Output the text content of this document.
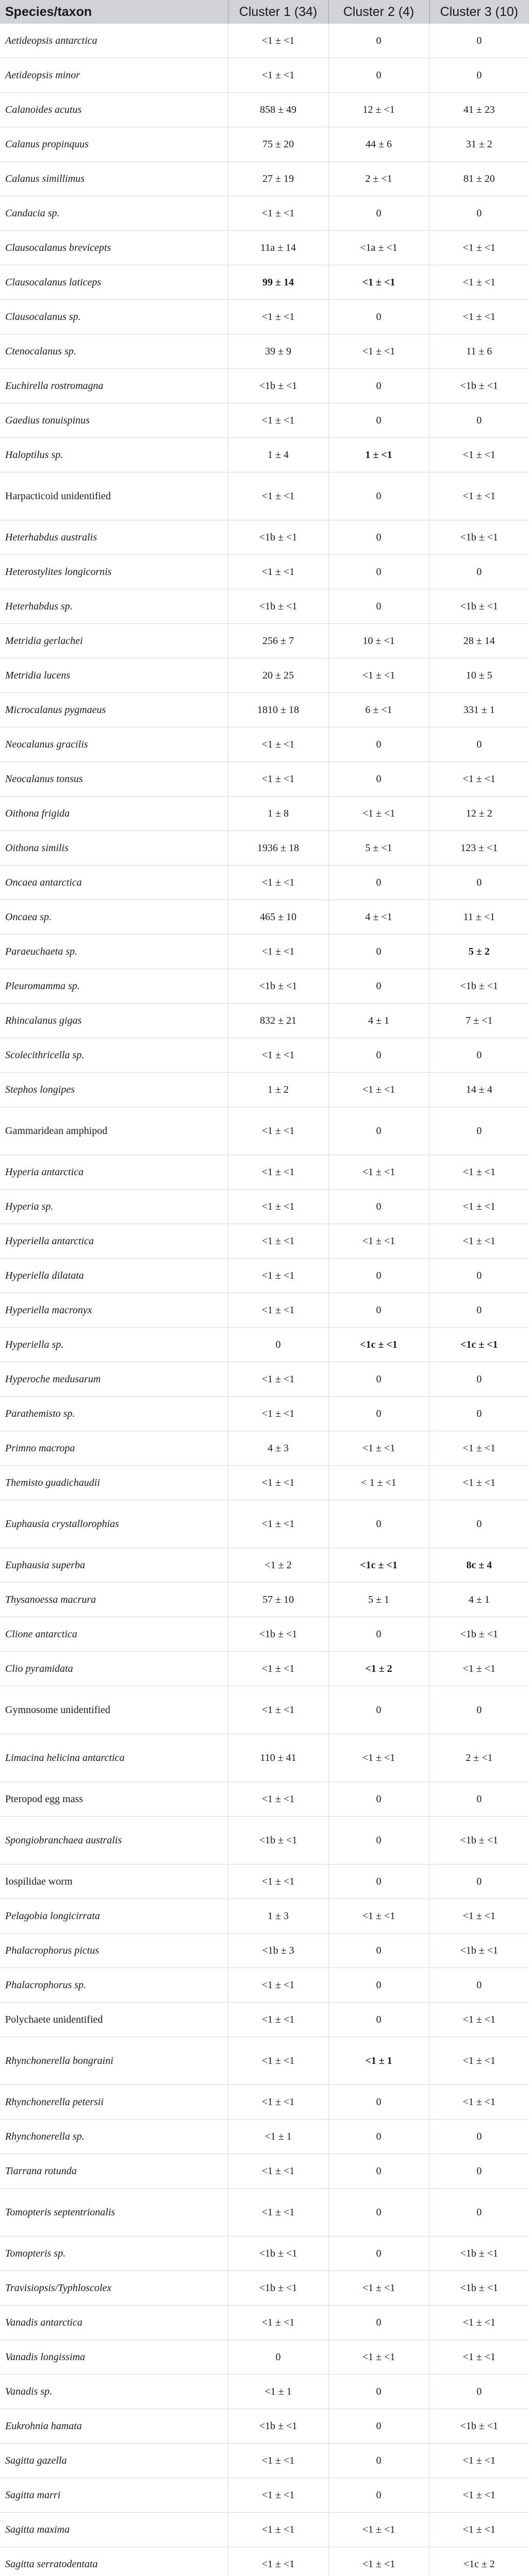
Species/taxon	Cluster 1 (34)	Cluster 2 (4)	Cluster 3 (10)
Aetideopsis antarctica	<1 ± <1	0	0
Aetideopsis minor	<1 ± <1	0	0
Calanoides acutus	858 ± 49	12 ± <1	41 ± 23
Calanus propinquus	75 ± 20	44 ± 6	31 ± 2
Calanus simillimus	27 ± 19	2 ± <1	81 ± 20
Candacia sp.	<1 ± <1	0	0
Clausocalanus brevicepts	11a ± 14	<1a ± <1	<1 ± <1
Clausocalanus laticeps	99 ± 14	<1 ± <1	<1 ± <1
Clausocalanus sp.	<1 ± <1	0	<1 ± <1
Ctenocalanus sp.	39 ± 9	<1 ± <1	11 ± 6
Euchirella rostromagna	<1b ± <1	0	<1b ± <1
Gaedius tonuispinus	<1 ± <1	0	0
Haloptilus sp.	1 ± 4	1 ± <1	<1 ± <1
Harpacticoid unidentified	<1 ± <1	0	<1 ± <1
Heterhabdus australis	<1b ± <1	0	<1b ± <1
Heterostylites longicornis	<1 ± <1	0	0
Heterhabdus sp.	<1b ± <1	0	<1b ± <1
Metridia gerlachei	256 ± 7	10 ± <1	28 ± 14
Metridia lucens	20 ± 25	<1 ± <1	10 ± 5
Microcalanus pygmaeus	1810 ± 18	6 ± <1	331 ± 1
Neocalanus gracilis	<1 ± <1	0	0
Neocalanus tonsus	<1 ± <1	0	<1 ± <1
Oithona frigida	1 ± 8	<1 ± <1	12 ± 2
Oithona similis	1936 ± 18	5 ± <1	123 ± <1
Oncaea antarctica	<1 ± <1	0	0
Oncaea sp.	465 ± 10	4 ± <1	11 ± <1
Paraeuchaeta sp.	<1 ± <1	0	5 ± 2
Pleuromamma sp.	<1b ± <1	0	<1b ± <1
Rhincalanus gigas	832 ± 21	4 ± 1	7 ± <1
Scolecithricella sp.	<1 ± <1	0	0
Stephos longipes	1 ± 2	<1 ± <1	14 ± 4
Gammaridean amphipod	<1 ± <1	0	0
Hyperia antarctica	<1 ± <1	<1 ± <1	<1 ± <1
Hyperia sp.	<1 ± <1	0	<1 ± <1
Hyperiella antarctica	<1 ± <1	<1 ± <1	<1 ± <1
Hyperiella dilatata	<1 ± <1	0	0
Hyperiella macronyx	<1 ± <1	0	0
Hyperiella sp.	0	<1c ± <1	<1c ± <1
Hyperoche medusarum	<1 ± <1	0	0
Parathemisto sp.	<1 ± <1	0	0
Primno macropa	4 ± 3	<1 ± <1	<1 ± <1
Themisto guadichaudii	<1 ± <1	< 1 ± <1	<1 ± <1
Euphausia crystallorophias	<1 ± <1	0	0
Euphausia superba	<1 ± 2	<1c ± <1	8c ± 4
Thysanoessa macrura	57 ± 10	5 ± 1	4 ± 1
Clione antarctica	<1b ± <1	0	<1b ± <1
Clio pyramidata	<1 ± <1	<1 ± 2	<1 ± <1
Gymnosome unidentified	<1 ± <1	0	0
Limacina helicina antarctica	110 ± 41	<1 ± <1	2 ± <1
Pteropod egg mass	<1 ± <1	0	0
Spongiobranchaea australis	<1b ± <1	0	<1b ± <1
Iospilidae worm	<1 ± <1	0	0
Pelagobia longicirrata	1 ± 3	<1 ± <1	<1 ± <1
Phalacrophorus pictus	<1b ± 3	0	<1b ± <1
Phalacrophorus sp.	<1 ± <1	0	0
Polychaete unidentified	<1 ± <1	0	<1 ± <1
Rhynchonerella bongraini	<1 ± <1	<1 ± 1	<1 ± <1
Rhynchonerella petersii	<1 ± <1	0	<1 ± <1
Rhynchonerella sp.	<1 ± 1	0	0
Tiarrana rotunda	<1 ± <1	0	0
Tomopteris septentrionalis	<1 ± <1	0	0
Tomopteris sp.	<1b ± <1	0	<1b ± <1
Travisiopsis/Typhloscolex	<1b ± <1	<1 ± <1	<1b ± <1
Vanadis antarctica	<1 ± <1	0	<1 ± <1
Vanadis longissima	0	<1 ± <1	<1 ± <1
Vanadis sp.	<1 ± 1	0	0
Eukrohnia hamata	<1b ± <1	0	<1b ± <1
Sagitta gazella	<1 ± <1	0	<1 ± <1
Sagitta marri	<1 ± <1	0	<1 ± <1
Sagitta maxima	<1 ± <1	<1 ± <1	<1 ± <1
Sagitta serratodentata	<1 ± <1	<1 ± <1	<1c ± 2
